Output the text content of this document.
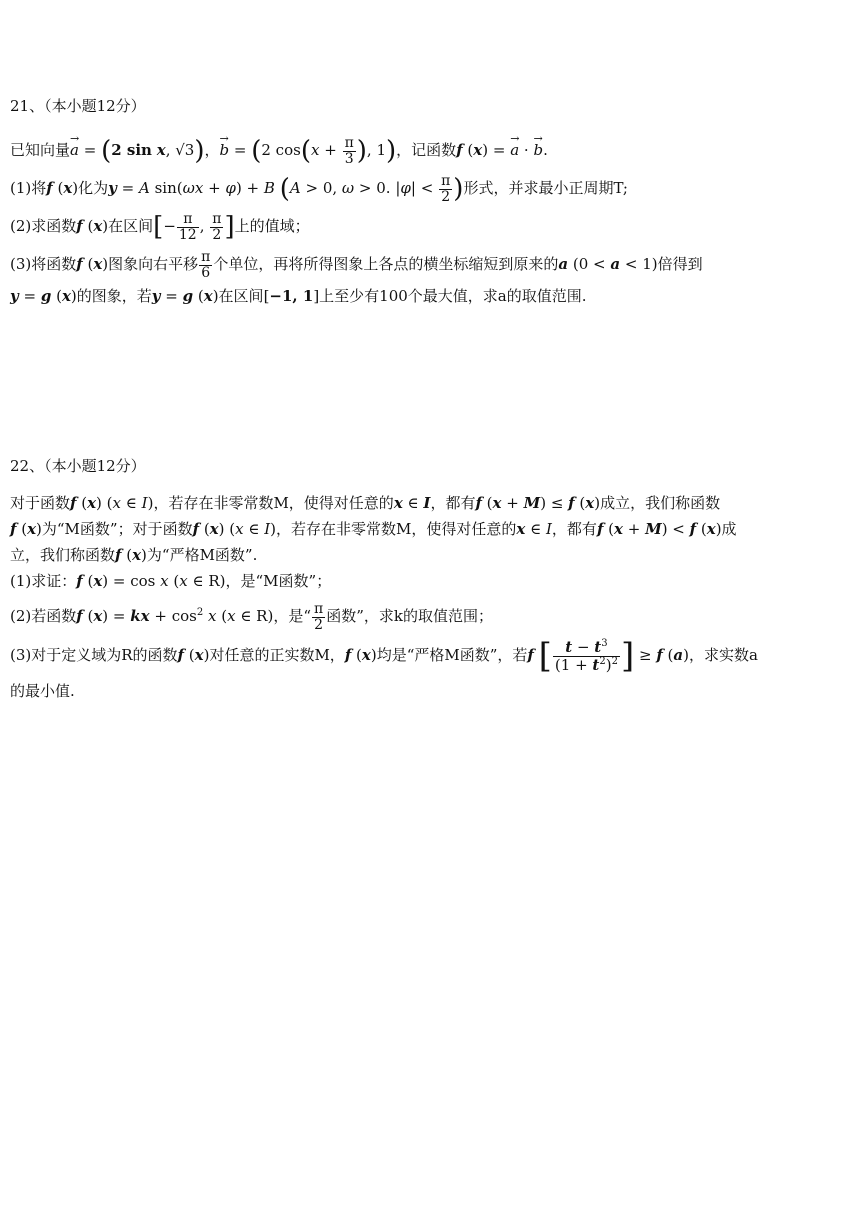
21、（本小题12分）
已知向量→ a = (2 sin x, √3)，→ b = (2 $\cos(x + \frac{\pi}{3}$ ), 1)，记函数f (x) = → a · → b.
(1)将f (x)化为y = A sin(ωx + φ) + B (A > 0, ω > 0. $|\varphi| < \frac{\pi}{2}$ )形式，并求最小正周期T;
(2)求函数f (x)在区间[− $\frac{\pi}{12}$ , $\frac{\pi}{2}$ ]上的值域；
(3)将函数f (x)图象向右平移 $\frac{\pi}{6}$ 个单位，再将所得图象上各点的横坐标缩短到原来的a (0 < a < 1)倍得到
y = g (x)的图象，若y = g (x)在区间[−1, 1]上至少有100个最大值，求a的取值范围.
22、（本小题12分）
对于函数f (x) (x ∈ I)，若存在非零常数M，使得对任意的x ∈ I，都有f (x + M) ≤ f (x)成立，我们称函数
f (x)为“M函数”；对于函数f (x) (x ∈ I)，若存在非零常数M，使得对任意的x ∈ I，都有f (x + M) < f (x)成
立，我们称函数f (x)为“严格M函数”.
(1)求证：f (x) = cos x (x ∈ R)，是“M函数”；
(2)若函数f (x) = kx + $\cos^2 x$ (x ∈ R)，是“ $\frac{\pi}{2}$ 函数”，求k的取值范围；
(3)对于定义域为R的函数f (x)对任意的正实数M，f (x)均是“严格M函数”，若f [ $\frac{t - t^3}{(1 + t^2)^2}$ ] ≥ f (a)，求实数a
的最小值.
